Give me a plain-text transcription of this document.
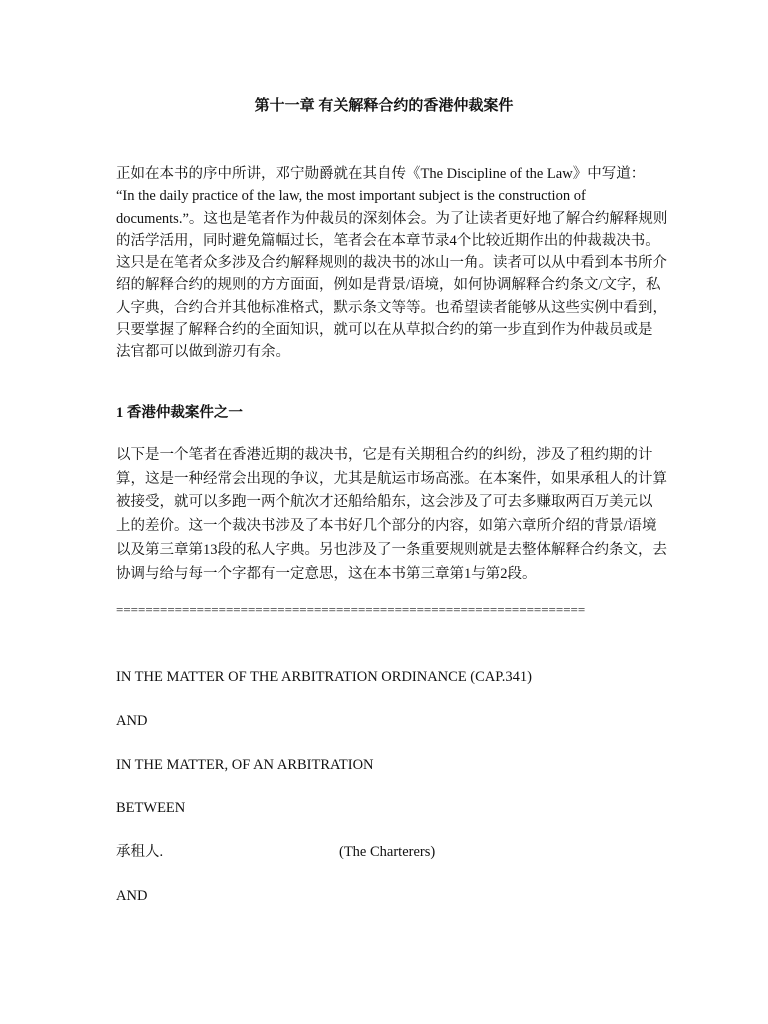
第十一章 有关解释合约的香港仲裁案件
正如在本书的序中所讲，邓宁勋爵就在其自传《The Discipline of the Law》中写道：
“In the daily practice of the law, the most important subject is the construction of
documents.”。这也是笔者作为仲裁员的深刻体会。为了让读者更好地了解合约解释规则
的活学活用，同时避免篇幅过长，笔者会在本章节录4个比较近期作出的仲裁裁决书。
这只是在笔者众多涉及合约解释规则的裁决书的冰山一角。读者可以从中看到本书所介
绍的解释合约的规则的方方面面，例如是背景/语境，如何协调解释合约条文/文字，私
人字典，合约合并其他标准格式，默示条文等等。也希望读者能够从这些实例中看到，
只要掌握了解释合约的全面知识，就可以在从草拟合约的第一步直到作为仲裁员或是
法官都可以做到游刃有余。
1 香港仲裁案件之一
以下是一个笔者在香港近期的裁决书，它是有关期租合约的纠纷，涉及了租约期的计
算，这是一种经常会出现的争议，尤其是航运市场高涨。在本案件，如果承租人的计算
被接受，就可以多跑一两个航次才还船给船东，这会涉及了可去多赚取两百万美元以
上的差价。这一个裁决书涉及了本书好几个部分的内容，如第六章所介绍的背景/语境
以及第三章第13段的私人字典。另也涉及了一条重要规则就是去整体解释合约条文，去
协调与给与每一个字都有一定意思，这在本书第三章第1与第2段。
================================================================
IN THE MATTER OF THE ARBITRATION ORDINANCE (CAP.341)
AND
IN THE MATTER, OF AN ARBITRATION
BETWEEN
承租人.	(The Charterers)
AND
